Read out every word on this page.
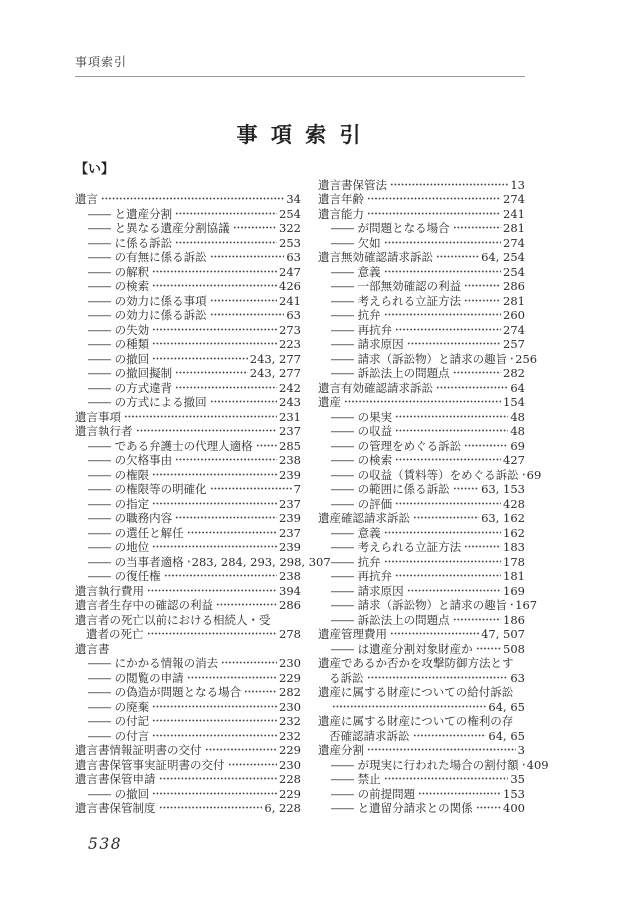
事項索引
事 項 索 引
【い】
遺言	34
―― と遺産分割	254
―― と異なる遺産分割協議	322
―― に係る訴訟	253
―― の有無に係る訴訟	63
―― の解釈	247
―― の検索	426
―― の効力に係る事項	241
―― の効力に係る訴訟	63
―― の失効	273
―― の種類	223
―― の撤回	243, 277
―― の撤回擬制	243, 277
―― の方式違背	242
―― の方式による撤回	243
遺言事項	231
遺言執行者	237
―― である弁護士の代理人適格 285
―― の欠格事由	238
―― の権限	239
―― の権限等の明確化	7
―― の指定	237
―― の職務内容	239
―― の選任と解任	237
―― の地位	239
―― の当事者適格 283, 284, 293, 298, 307
―― の復任権	238
遺言執行費用	394
遺言者生存中の確認の利益	286
遺言者の死亡以前における相続人・受
遺者の死亡	278
遺言書
―― にかかる情報の消去	230
―― の閲覧の申請	229
―― の偽造が問題となる場合	282
―― の廃棄	230
―― の付記	232
―― の付言	232
遺言書情報証明書の交付	229
遺言書保管事実証明書の交付	230
遺言書保管申請	228
―― の撤回	229
遺言書保管制度	6, 228
遺言書保管法	13
遺言年齢	274
遺言能力	241
―― が問題となる場合	281
―― 欠如	274
遺言無効確認請求訴訟	64, 254
―― 意義	254
―― 一部無効確認の利益	286
―― 考えられる立証方法	281
―― 抗弁	260
―― 再抗弁	274
―― 請求原因	257
―― 請求（訴訟物）と請求の趣旨 256
―― 訴訟法上の問題点	282
遺言有効確認請求訴訟	64
遺産	154
―― の果実	48
―― の収益	48
―― の管理をめぐる訴訟	69
―― の検索	427
―― の収益（賃料等）をめぐる訴訟 69
―― の範囲に係る訴訟	63, 153
―― の評価	428
遺産確認請求訴訟	63, 162
―― 意義	162
―― 考えられる立証方法	183
―― 抗弁	178
―― 再抗弁	181
―― 請求原因	169
―― 請求（訴訟物）と請求の趣旨 167
―― 訴訟法上の問題点	186
遺産管理費用	47, 507
―― は遺産分割対象財産か	508
遺産であるか否かを攻撃防御方法とす
る訴訟	63
遺産に属する財産についての給付訴訟
64, 65
遺産に属する財産についての権利の存
否確認請求訴訟	64, 65
遺産分割	3
―― が現実に行われた場合の割付額 409
―― 禁止	35
―― の前提問題	153
―― と遺留分請求との関係	400
538
